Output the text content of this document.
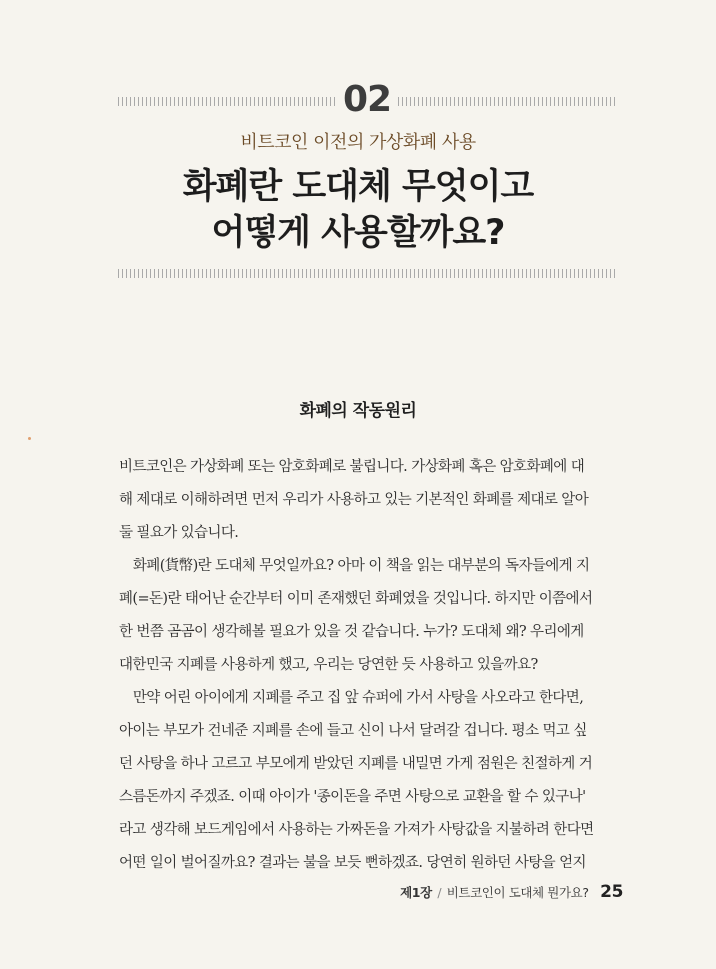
02
비트코인 이전의 가상화폐 사용
화폐란 도대체 무엇이고
어떻게 사용할까요?
화폐의 작동원리
비트코인은 가상화폐 또는 암호화폐로 불립니다. 가상화폐 혹은 암호화폐에 대
해 제대로 이해하려면 먼저 우리가 사용하고 있는 기본적인 화폐를 제대로 알아
둘 필요가 있습니다.
　화폐(貨幣)란 도대체 무엇일까요? 아마 이 책을 읽는 대부분의 독자들에게 지
폐(=돈)란 태어난 순간부터 이미 존재했던 화폐였을 것입니다. 하지만 이쯤에서
한 번쯤 곰곰이 생각해볼 필요가 있을 것 같습니다. 누가? 도대체 왜? 우리에게
대한민국 지폐를 사용하게 했고, 우리는 당연한 듯 사용하고 있을까요?
　만약 어린 아이에게 지폐를 주고 집 앞 슈퍼에 가서 사탕을 사오라고 한다면,
아이는 부모가 건네준 지폐를 손에 들고 신이 나서 달려갈 겁니다. 평소 먹고 싶
던 사탕을 하나 고르고 부모에게 받았던 지폐를 내밀면 가게 점원은 친절하게 거
스름돈까지 주겠죠. 이때 아이가 '종이돈을 주면 사탕으로 교환을 할 수 있구나'
라고 생각해 보드게임에서 사용하는 가짜돈을 가져가 사탕값을 지불하려 한다면
어떤 일이 벌어질까요? 결과는 불을 보듯 뻔하겠죠. 당연히 원하던 사탕을 얻지
제1장 / 비트코인이 도대체 뭔가요? 25
